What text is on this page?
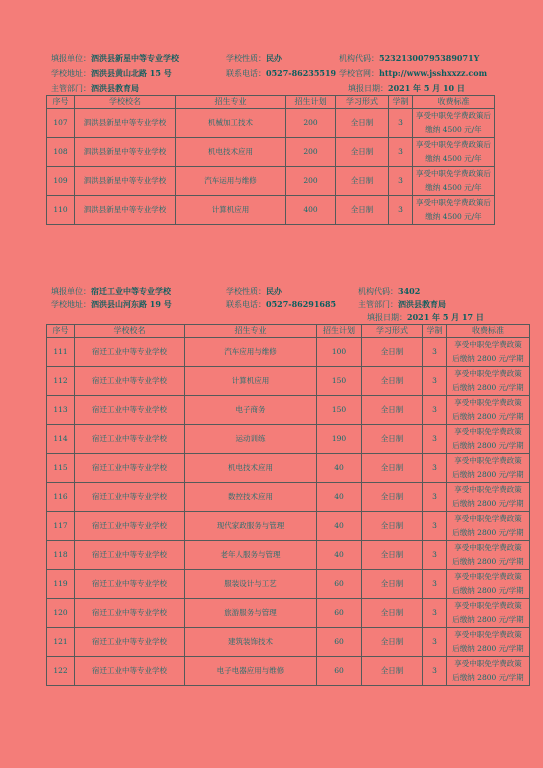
填报单位：泗洪县新星中等专业学校	学校性质：民办	机构代码：52321300795389071Y
学校地址：泗洪县黄山北路 15 号	联系电话：0527-86235519 学校官网：http://www.jsshxxzz.com
主管部门：泗洪县教育局	填报日期：2021 年 5 月 10 日
序号	学校校名	招生专业	招生计划	学习形式	学制	收费标准
107	泗洪县新星中等专业学校	机械加工技术	200	全日制	3	享受中职免学费政策后
缴纳 4500 元/年

108	泗洪县新星中等专业学校	机电技术应用	200	全日制	3	享受中职免学费政策后
缴纳 4500 元/年

109	泗洪县新星中等专业学校	汽车运用与维修	200	全日制	3	享受中职免学费政策后
缴纳 4500 元/年

110	泗洪县新星中等专业学校	计算机应用	400	全日制	3	享受中职免学费政策后
缴纳 4500 元/年
填报单位：宿迁工业中等专业学校	学校性质：民办	机构代码：3402
学校地址：泗洪县山河东路 19 号	联系电话：0527-86291685	主管部门：泗洪县教育局
填报日期：2021 年 5 月 17 日
序号	学校校名	招生专业	招生计划	学习形式	学制	收费标准
111	宿迁工业中等专业学校	汽车应用与维修	100	全日制	3	享受中职免学费政策
后缴纳 2800 元/学期

112	宿迁工业中等专业学校	计算机应用	150	全日制	3	享受中职免学费政策
后缴纳 2800 元/学期

113	宿迁工业中等专业学校	电子商务	150	全日制	3	享受中职免学费政策
后缴纳 2800 元/学期

114	宿迁工业中等专业学校	运动训练	190	全日制	3	享受中职免学费政策
后缴纳 2800 元/学期

115	宿迁工业中等专业学校	机电技术应用	40	全日制	3	享受中职免学费政策
后缴纳 2800 元/学期

116	宿迁工业中等专业学校	数控技术应用	40	全日制	3	享受中职免学费政策
后缴纳 2800 元/学期

117	宿迁工业中等专业学校	现代家政服务与管理	40	全日制	3	享受中职免学费政策
后缴纳 2800 元/学期

118	宿迁工业中等专业学校	老年人服务与管理	40	全日制	3	享受中职免学费政策
后缴纳 2800 元/学期

119	宿迁工业中等专业学校	服装设计与工艺	60	全日制	3	享受中职免学费政策
后缴纳 2800 元/学期

120	宿迁工业中等专业学校	旅游服务与管理	60	全日制	3	享受中职免学费政策
后缴纳 2800 元/学期

121	宿迁工业中等专业学校	建筑装饰技术	60	全日制	3	享受中职免学费政策
后缴纳 2800 元/学期

122	宿迁工业中等专业学校	电子电器应用与维修	60	全日制	3	享受中职免学费政策
后缴纳 2800 元/学期
